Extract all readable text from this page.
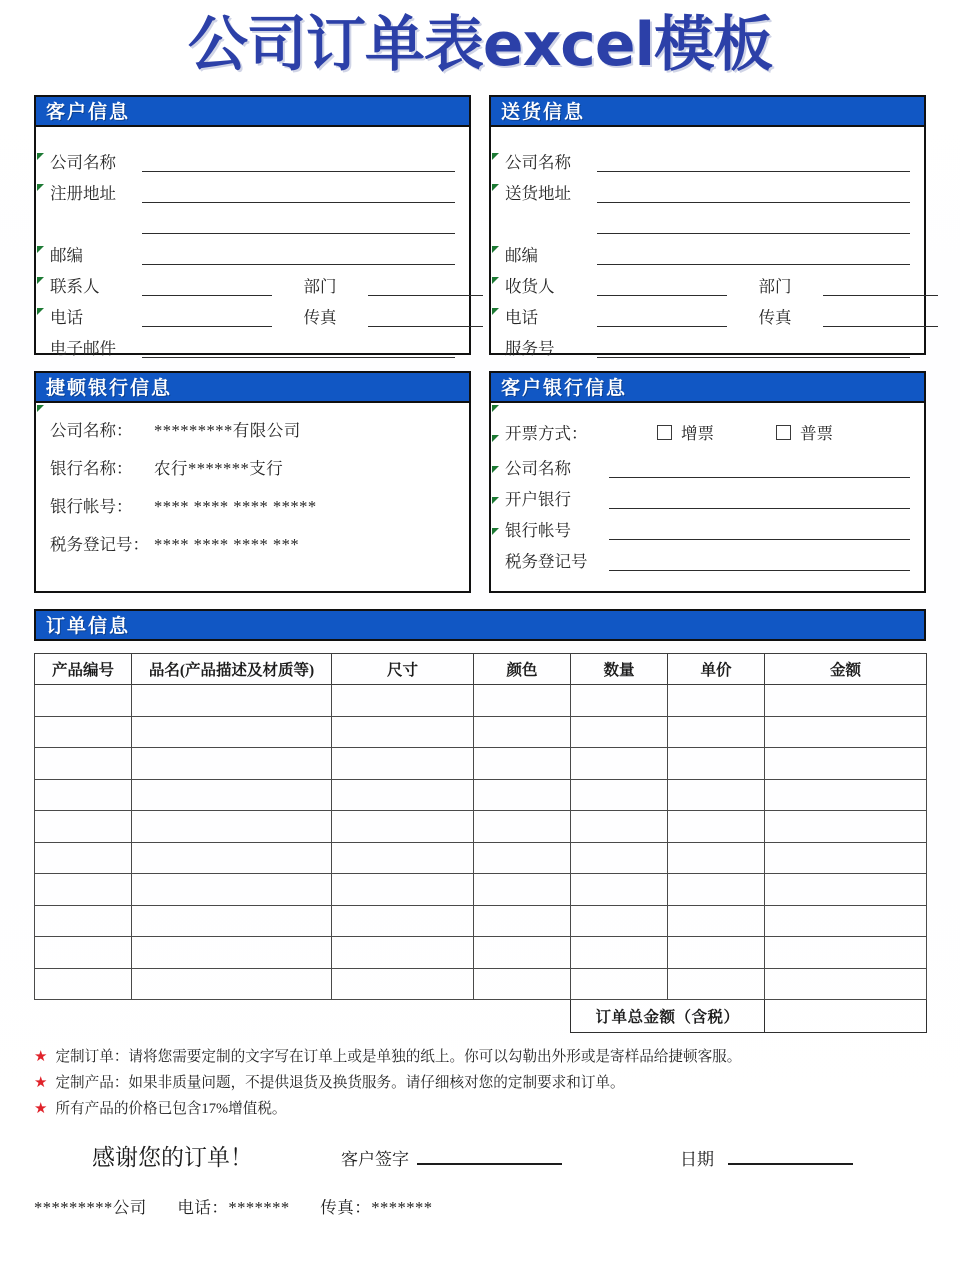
公司订单表excel模板
客户信息
公司名称
注册地址
邮编
联系人	部门
电话	传真
电子邮件
送货信息
公司名称
送货地址
邮编
收货人	部门
电话	传真
服务号
捷顿银行信息
公司名称：	*********有限公司
银行名称：	农行*******支行
银行帐号：	**** **** **** *****
税务登记号： **** **** **** ***
客户银行信息
开票方式：	增票	普票
公司名称
开户银行
银行帐号
税务登记号
订单信息
产品编号	品名(产品描述及材质等)	尺寸	颜色	数量	单价	金额

				订单总金额（含税）		
★ 定制订单：请将您需要定制的文字写在订单上或是单独的纸上。你可以勾勒出外形或是寄样品给捷顿客服。
★ 定制产品：如果非质量问题，不提供退货及换货服务。请仔细核对您的定制要求和订单。
★ 所有产品的价格已包含17%增值税。
感谢您的订单！	客户签字	日期
*********公司 电话：******* 传真：*******
